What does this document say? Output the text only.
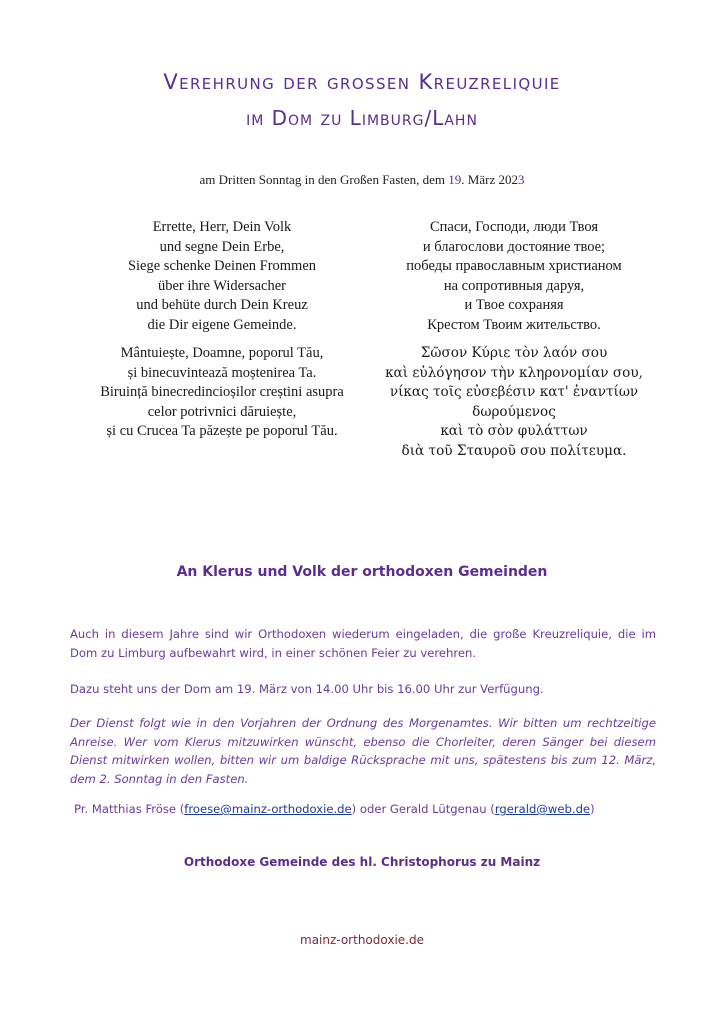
Verehrung der grossen Kreuzreliquie
im Dom zu Limburg/Lahn
am Dritten Sonntag in den Großen Fasten, dem 19. März 2023
Errette, Herr, Dein Volk
und segne Dein Erbe,
Siege schenke Deinen Frommen
über ihre Widersacher
und behüte durch Dein Kreuz
die Dir eigene Gemeinde.
Спаси, Господи, люди Твоя
и благослови достояние твое;
победы православным христианом
на сопротивныя даруя,
и Твое сохраняя
Крестом Твоим жительство.
Mântuiește, Doamne, poporul Tău,
și binecuvintează moștenirea Ta.
Biruință binecredincioșilor creștini asupra
celor potrivnici dăruiește,
și cu Crucea Ta păzește pe poporul Tău.
Σῶσον Κύριε τὸν λαόν σου
καὶ εὐλόγησον τὴν κληρονομίαν σου,
νίκας τοῖς εὐσεβέσιν κατ' ἐναντίων
δωρούμενος
καὶ τὸ σὸν φυλάττων
διὰ τοῦ Σταυροῦ σου πολίτευμα.
An Klerus und Volk der orthodoxen Gemeinden
Auch in diesem Jahre sind wir Orthodoxen wiederum eingeladen, die große Kreuzreliquie, die im Dom zu Limburg aufbewahrt wird, in einer schönen Feier zu verehren.
Dazu steht uns der Dom am 19. März von 14.00 Uhr bis 16.00 Uhr zur Verfügung.
Der Dienst folgt wie in den Vorjahren der Ordnung des Morgenamtes. Wir bitten um rechtzeitige Anreise. Wer vom Klerus mitzuwirken wünscht, ebenso die Chorleiter, deren Sänger bei diesem Dienst mitwirken wollen, bitten wir um baldige Rücksprache mit uns, spätestens bis zum 12. März, dem 2. Sonntag in den Fasten.
Pr. Matthias Fröse (froese@mainz-orthodoxie.de) oder Gerald Lütgenau (rgerald@web.de)
Orthodoxe Gemeinde des hl. Christophorus zu Mainz
mainz-orthodoxie.de
